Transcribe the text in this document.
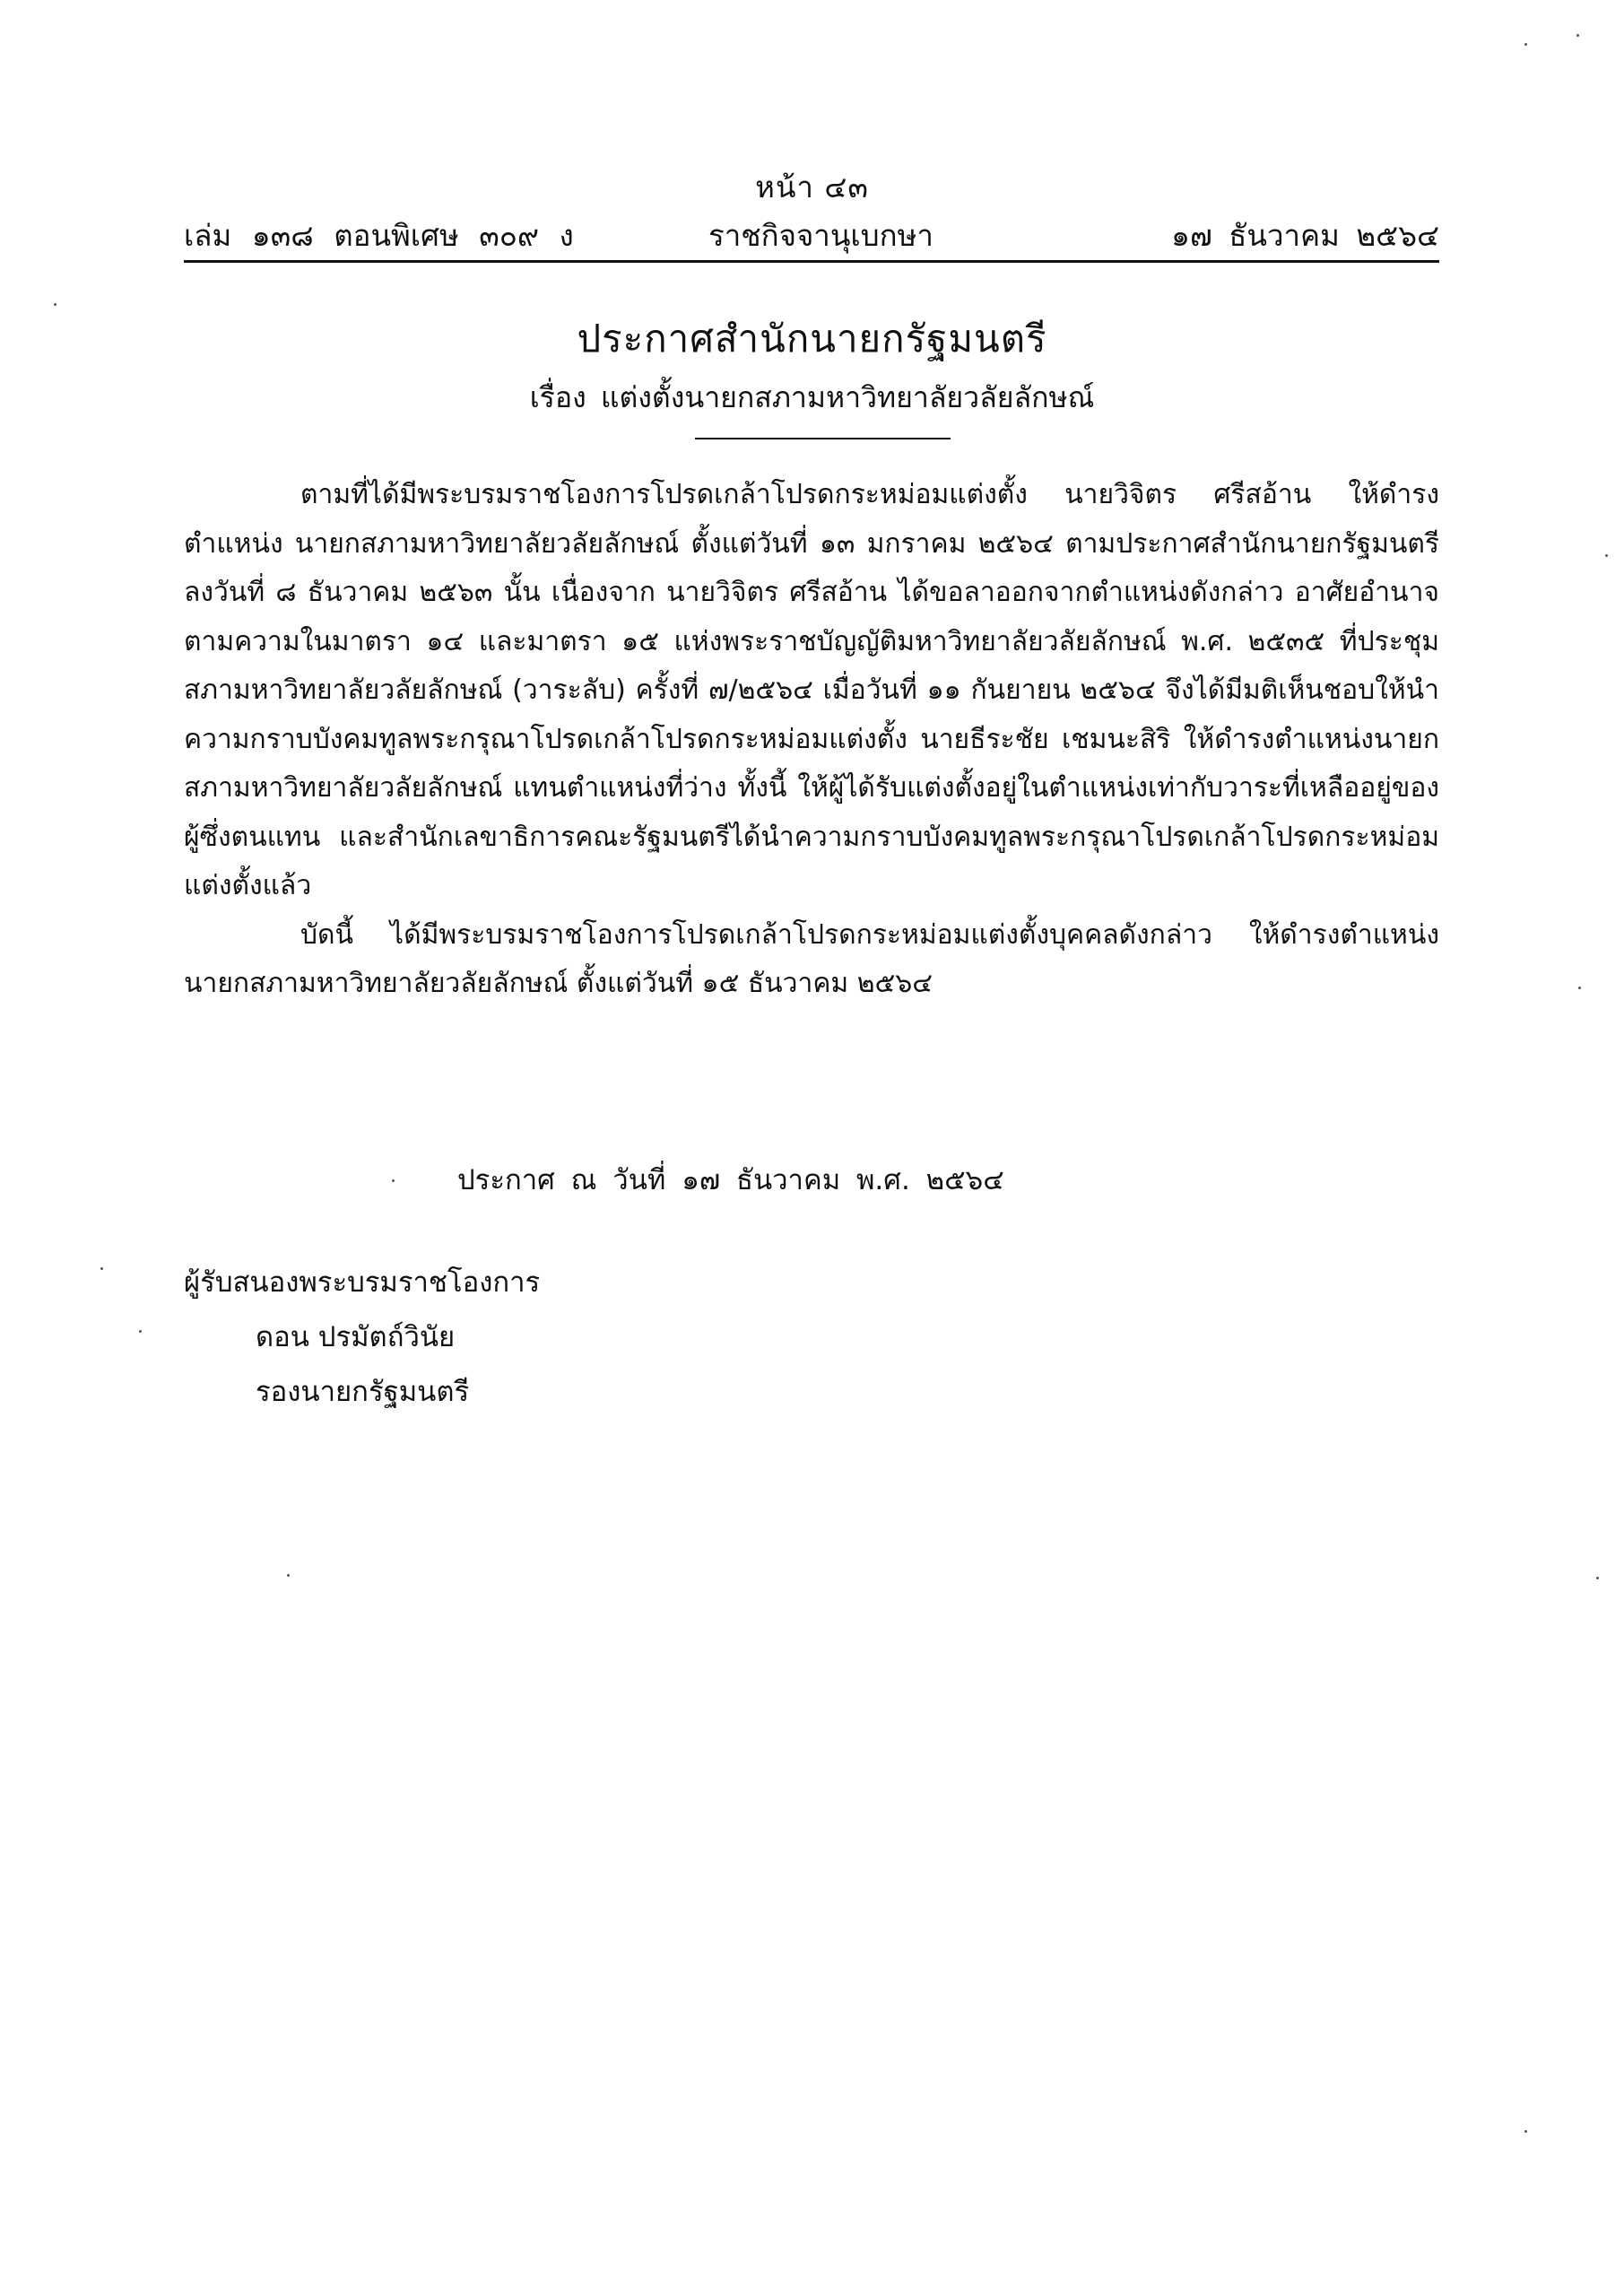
หน้า ๔๓
เล่ม ๑๓๘ ตอนพิเศษ ๓๐๙ ง	ราชกิจจานุเบกษา	๑๗ ธันวาคม ๒๕๖๔
ประกาศสำนักนายกรัฐมนตรี
เรื่อง แต่งตั้งนายกสภามหาวิทยาลัยวลัยลักษณ์

ตามที่ได้มีพระบรมราชโองการโปรดเกล้าโปรดกระหม่อมแต่งตั้ง นายวิจิตร ศรีสอ้าน ให้ดำรงตำแหน่ง นายกสภามหาวิทยาลัยวลัยลักษณ์ ตั้งแต่วันที่ ๑๓ มกราคม ๒๕๖๔ ตามประกาศสำนักนายกรัฐมนตรี ลงวันที่ ๘ ธันวาคม ๒๕๖๓ นั้น เนื่องจาก นายวิจิตร ศรีสอ้าน ได้ขอลาออกจากตำแหน่งดังกล่าว อาศัยอำนาจตามความในมาตรา ๑๔ และมาตรา ๑๕ แห่งพระราชบัญญัติมหาวิทยาลัยวลัยลักษณ์ พ.ศ. ๒๕๓๕ ที่ประชุมสภามหาวิทยาลัยวลัยลักษณ์ (วาระลับ) ครั้งที่ ๗/๒๕๖๔ เมื่อวันที่ ๑๑ กันยายน ๒๕๖๔ จึงได้มีมติเห็นชอบให้นำความกราบบังคมทูลพระกรุณาโปรดเกล้าโปรดกระหม่อมแต่งตั้ง นายธีระชัย เชมนะสิริ ให้ดำรงตำแหน่งนายกสภามหาวิทยาลัยวลัยลักษณ์ แทนตำแหน่งที่ว่าง ทั้งนี้ ให้ผู้ได้รับแต่งตั้งอยู่ในตำแหน่งเท่ากับวาระที่เหลืออยู่ของผู้ซึ่งตนแทน และสำนักเลขาธิการคณะรัฐมนตรีได้นำความกราบบังคมทูลพระกรุณาโปรดเกล้าโปรดกระหม่อมแต่งตั้งแล้ว

บัดนี้ ได้มีพระบรมราชโองการโปรดเกล้าโปรดกระหม่อมแต่งตั้งบุคคลดังกล่าว ให้ดำรงตำแหน่ง นายกสภามหาวิทยาลัยวลัยลักษณ์ ตั้งแต่วันที่ ๑๕ ธันวาคม ๒๕๖๔

ประกาศ ณ วันที่ ๑๗ ธันวาคม พ.ศ. ๒๕๖๔
ผู้รับสนองพระบรมราชโองการ
ดอน ปรมัตถ์วินัย
รองนายกรัฐมนตรี
